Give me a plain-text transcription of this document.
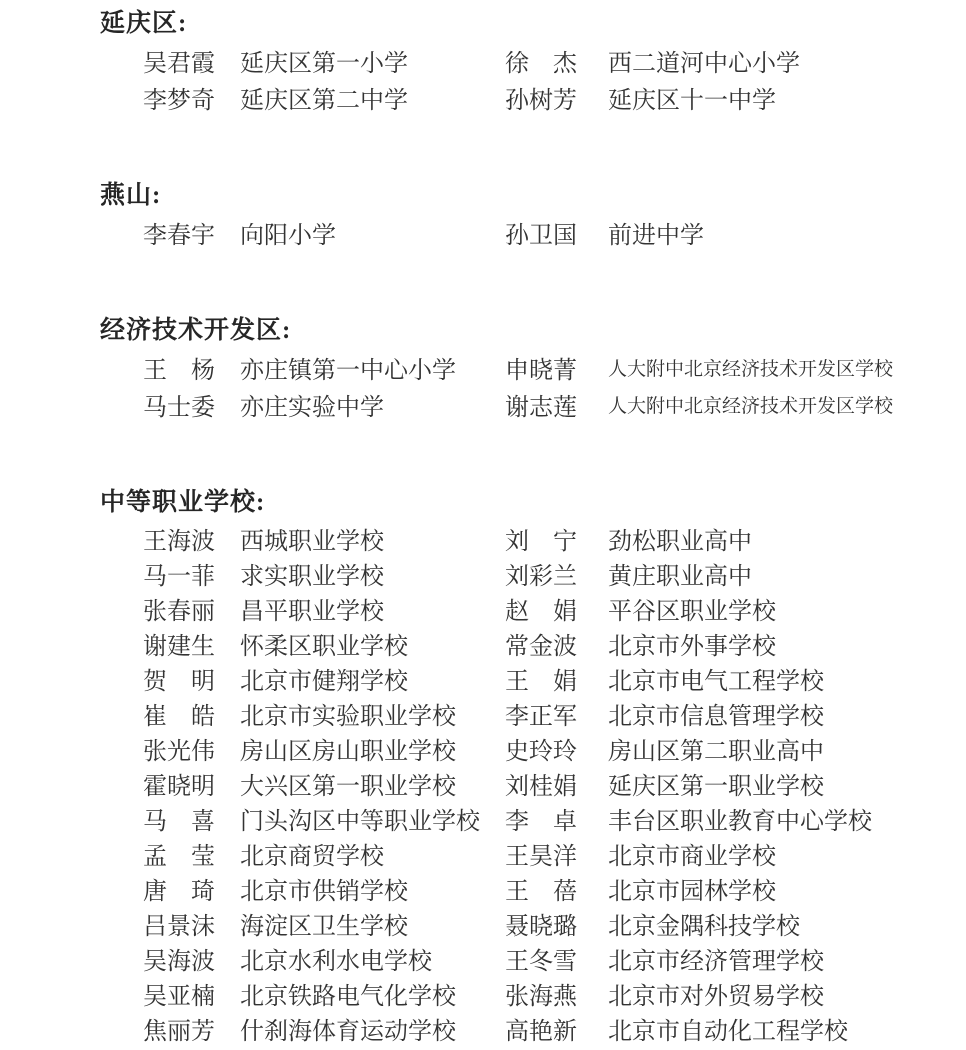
延庆区:
吴君霞	延庆区第一小学	徐　杰	西二道河中心小学
李梦奇	延庆区第二中学	孙树芳	延庆区十一中学
燕山:
李春宇	向阳小学	孙卫国	前进中学
经济技术开发区:
王　杨	亦庄镇第一中心小学	申晓菁	人大附中北京经济技术开发区学校
马士委	亦庄实验中学	谢志莲	人大附中北京经济技术开发区学校
中等职业学校:
王海波	西城职业学校	刘　宁	劲松职业高中
马一菲	求实职业学校	刘彩兰	黄庄职业高中
张春丽	昌平职业学校	赵　娟	平谷区职业学校
谢建生	怀柔区职业学校	常金波	北京市外事学校
贺　明	北京市健翔学校	王　娟	北京市电气工程学校
崔　皓	北京市实验职业学校	李正军	北京市信息管理学校
张光伟	房山区房山职业学校	史玲玲	房山区第二职业高中
霍晓明	大兴区第一职业学校	刘桂娟	延庆区第一职业学校
马　喜	门头沟区中等职业学校	李　卓	丰台区职业教育中心学校
孟　莹	北京商贸学校	王昊洋	北京市商业学校
唐　琦	北京市供销学校	王　蓓	北京市园林学校
吕景沫	海淀区卫生学校	聂晓璐	北京金隅科技学校
吴海波	北京水利水电学校	王冬雪	北京市经济管理学校
吴亚楠	北京铁路电气化学校	张海燕	北京市对外贸易学校
焦丽芳	什刹海体育运动学校	高艳新	北京市自动化工程学校
